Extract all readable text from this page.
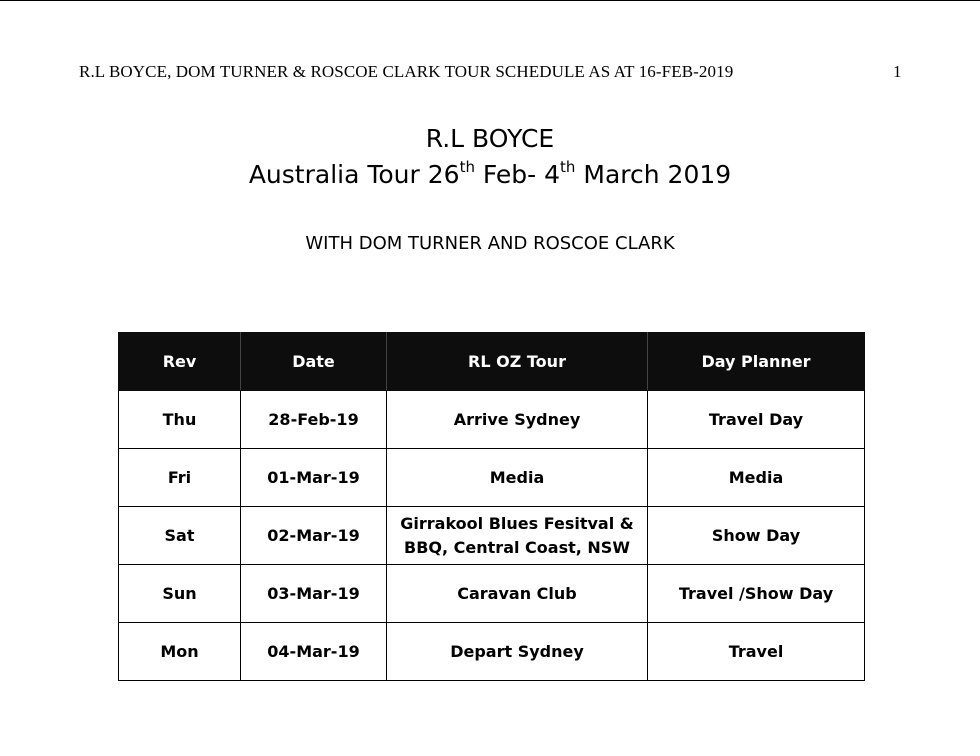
R.L BOYCE, DOM TURNER & ROSCOE CLARK TOUR SCHEDULE AS AT 16-FEB-2019	1
R.L BOYCE
Australia Tour 26th Feb- 4th March 2019
WITH DOM TURNER AND ROSCOE CLARK
Rev	Date	RL OZ Tour	Day Planner
Thu	28-Feb-19	Arrive Sydney	Travel Day
Fri	01-Mar-19	Media	Media
Sat	02-Mar-19	Girrakool Blues Fesitval & BBQ, Central Coast, NSW	Show Day
Sun	03-Mar-19	Caravan Club	Travel /Show Day
Mon	04-Mar-19	Depart Sydney	Travel
